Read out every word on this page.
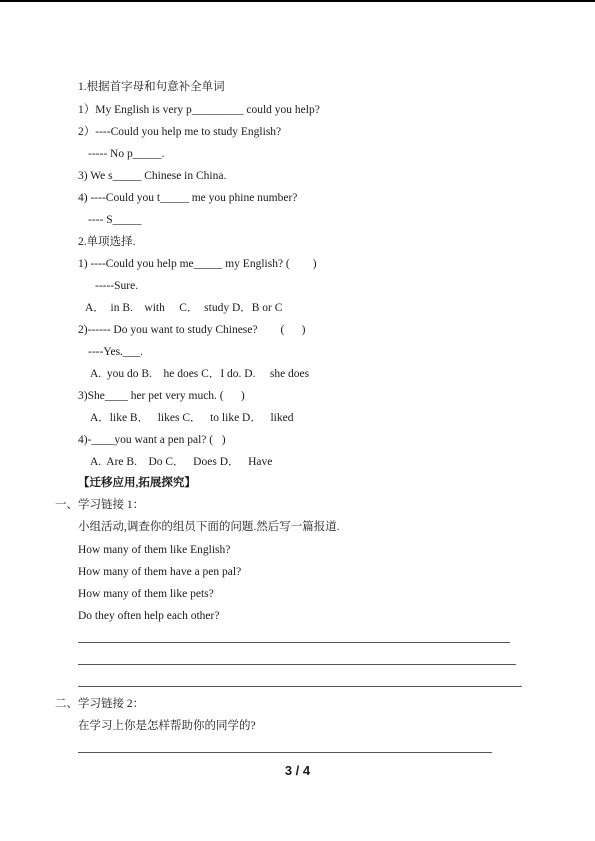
1.根据首字母和句意补全单词
1）My English is very p_________ could you help?
2）----Could you help me to study English?
----- No p_____.
3) We s_____ Chinese in China.
4) ----Could you t_____ me you phine number?
---- S_____
2.单项选择.
1) ----Could you help me_____ my English? (        )
-----Sure.
A．  in B.    with     C．  study D．B or C
2)------ Do you want to study Chinese?        (      )
----Yes.___.
A.  you do B.    he does C．I do. D.     she does
3)She____ her pet very much. (      )
A．like B．   likes C．   to like D．   liked
4)-____you want a pen pal? (   )
A.  Are B.    Do C．   Does D．   Have
【迁移应用,拓展探究】
一、学习链接 1：
小组活动,调查你的组员下面的问题.然后写一篇报道.
How many of them like English?
How many of them have a pen pal?
How many of them like pets?
Do they often help each other?
二、学习链接 2：
在学习上你是怎样帮助你的同学的?
3 / 4
